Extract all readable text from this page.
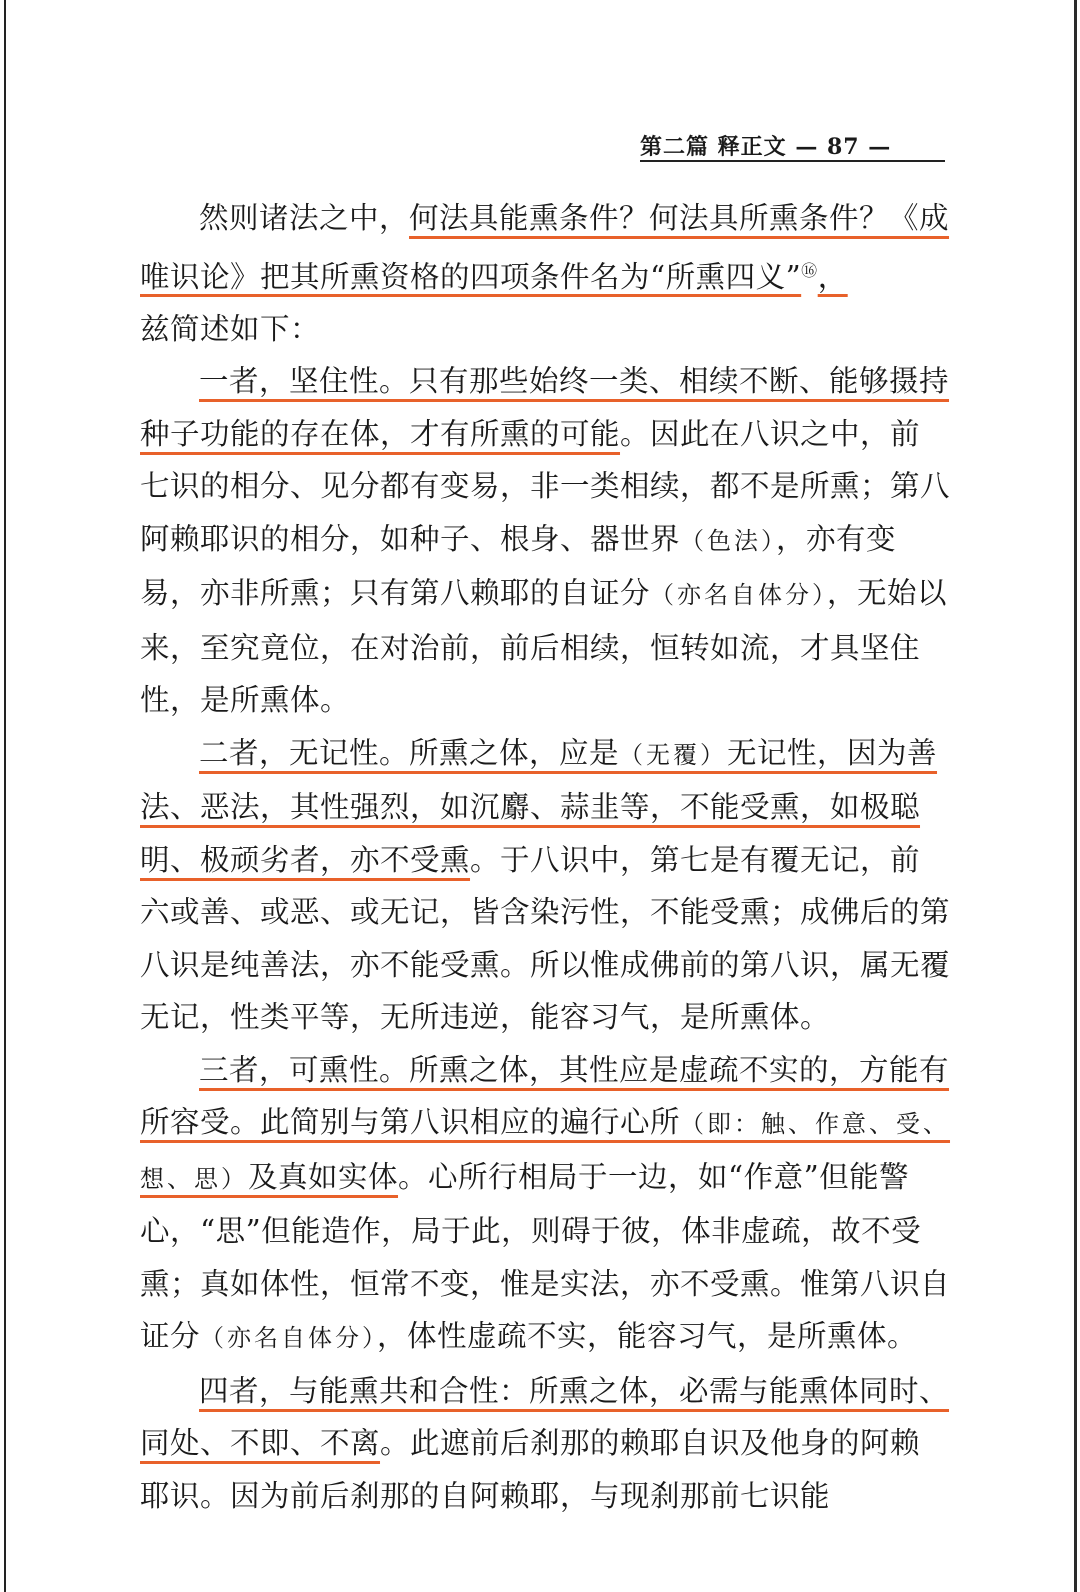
第二篇 释正文 — 87 —

然则诸法之中，何法具能熏条件？何法具所熏条件？《成唯识论》把其所熏资格的四项条件名为“所熏四义”⑯，

兹简述如下：

一者，坚住性。只有那些始终一类、相续不断、能够摄持种子功能的存在体，才有所熏的可能。因此在八识之中，前七识的相分、见分都有变易，非一类相续，都不是所熏；第八阿赖耶识的相分，如种子、根身、器世界（色法），亦有变易，亦非所熏；只有第八赖耶的自证分（亦名自体分），无始以来，至究竟位，在对治前，前后相续，恒转如流，才具坚住性，是所熏体。

二者，无记性。所熏之体，应是（无覆）无记性，因为善法、恶法，其性强烈，如沉麝、蒜韭等，不能受熏，如极聪明、极顽劣者，亦不受熏。于八识中，第七是有覆无记，前六或善、或恶、或无记，皆含染污性，不能受熏；成佛后的第八识是纯善法，亦不能受熏。所以惟成佛前的第八识，属无覆无记，性类平等，无所违逆，能容习气，是所熏体。

三者，可熏性。所熏之体，其性应是虚疏不实的，方能有所容受。此简别与第八识相应的遍行心所（即：触、作意、受、想、思）及真如实体。心所行相局于一边，如“作意”但能警心，“思”但能造作，局于此，则碍于彼，体非虚疏，故不受熏；真如体性，恒常不变，惟是实法，亦不受熏。惟第八识自证分（亦名自体分），体性虚疏不实，能容习气，是所熏体。

四者，与能熏共和合性：所熏之体，必需与能熏体同时、同处、不即、不离。此遮前后刹那的赖耶自识及他身的阿赖耶识。因为前后刹那的自阿赖耶，与现刹那前七识能
